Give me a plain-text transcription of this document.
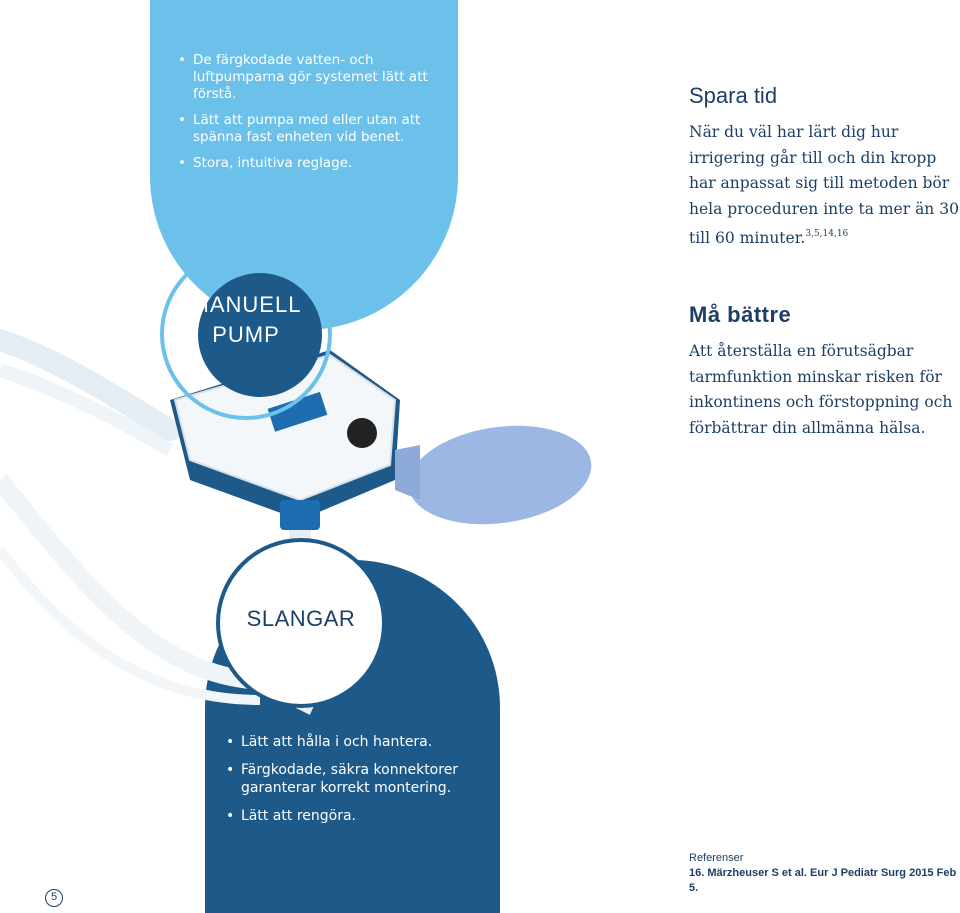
• De färgkodade vatten- och luftpumparna gör systemet lätt att förstå.
• Lätt att pumpa med eller utan att spänna fast enheten vid benet.
• Stora, intuitiva reglage.
MANUELL
PUMP
SLANGAR
• Lätt att hålla i och hantera.
• Färgkodade, säkra konnektorer garanterar korrekt montering.
• Lätt att rengöra.
Spara tid

När du väl har lärt dig hur irrigering går till och din kropp har anpassat sig till metoden bör hela proceduren inte ta mer än 30 till 60 minuter.$^{3,5,14,16}$

Må bättre

Att återställa en förutsägbar tarmfunktion minskar risken för inkontinens och förstoppning och förbättrar din allmänna hälsa.

Referenser
16. Märzheuser S et al. Eur J Pediatr Surg 2015 Feb 5.
5
